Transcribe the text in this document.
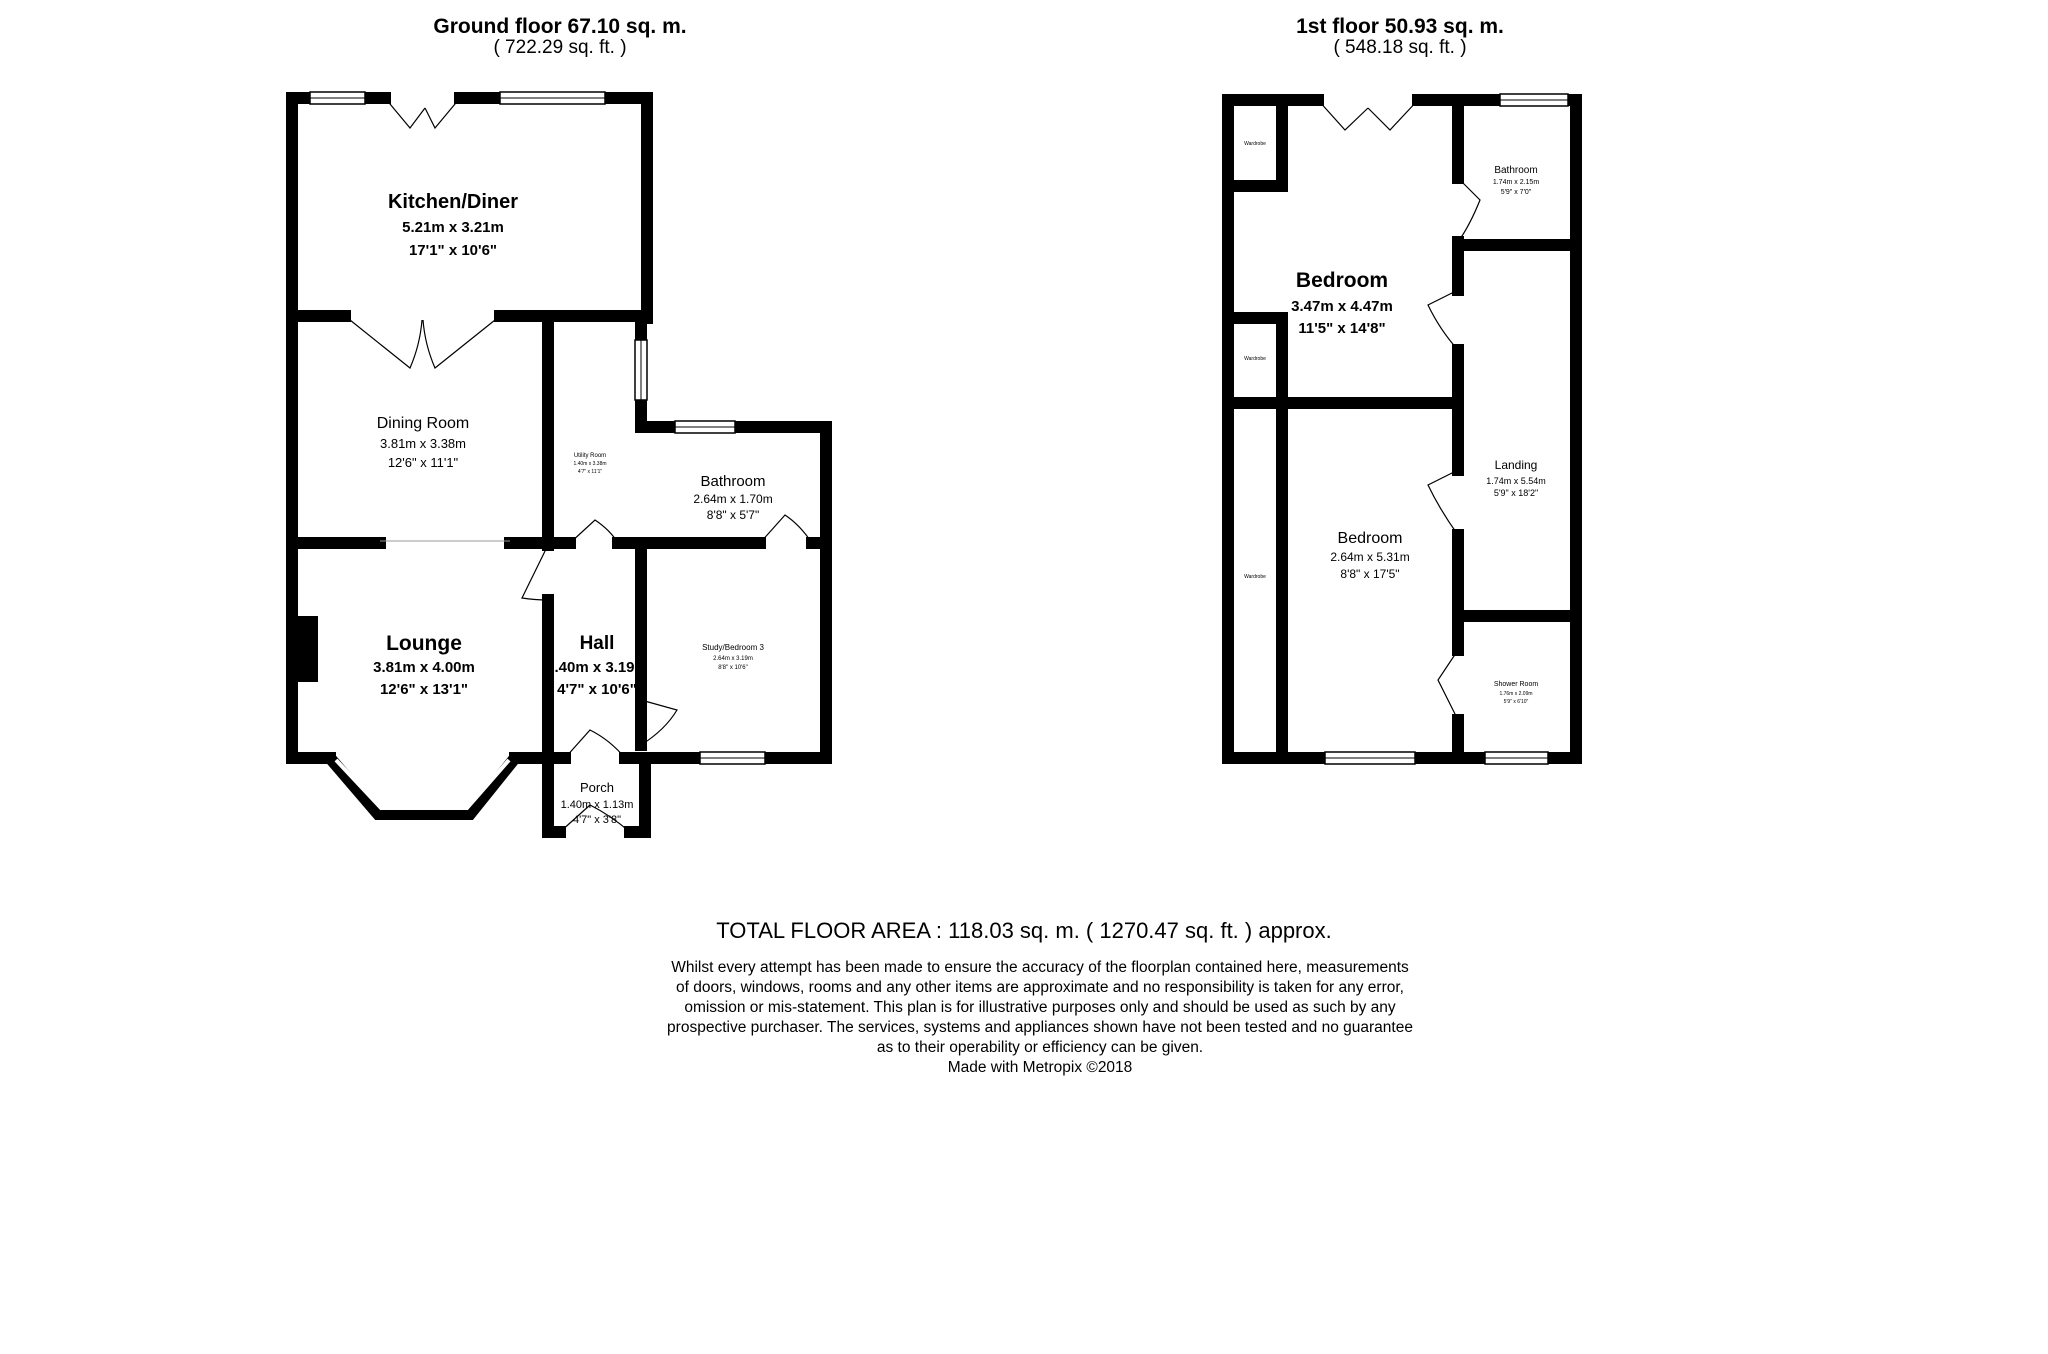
Ground floor 67.10 sq. m.
( 722.29 sq. ft. )
1st floor 50.93 sq. m.
( 548.18 sq. ft. )
Kitchen/Diner
5.21m x 3.21m
17'1" x 10'6"
Dining Room
3.81m x 3.38m
12'6" x 11'1"	Utility Room
1.40m x 3.38m
4'7" x 11'1"
Bathroom
2.64m x 1.70m
8'8" x 5'7"
Lounge
3.81m x 4.00m
12'6" x 13'1"
Hall
1.40m x 3.19m
4'7" x 10'6"
Study/Bedroom 3
2.64m x 3.19m
8'8" x 10'6"
Porch
1.40m x 1.13m
4'7" x 3'8"
Bedroom
3.47m x 4.47m
11'5" x 14'8"
Bathroom
1.74m x 2.15m
5'9" x 7'0"
Landing
1.74m x 5.54m
5'9" x 18'2"
Bedroom
2.64m x 5.31m
8'8" x 17'5"
Shower Room
1.76m x 2.09m
5'9" x 6'10"
Wardrobe
Wardrobe
Wardrobe
TOTAL FLOOR AREA : 118.03 sq. m. ( 1270.47 sq. ft. ) approx.
Whilst every attempt has been made to ensure the accuracy of the floorplan contained here, measurements
of doors, windows, rooms and any other items are approximate and no responsibility is taken for any error,
omission or mis-statement. This plan is for illustrative purposes only and should be used as such by any
prospective purchaser. The services, systems and appliances shown have not been tested and no guarantee
as to their operability or efficiency can be given.
Made with Metropix ©2018
